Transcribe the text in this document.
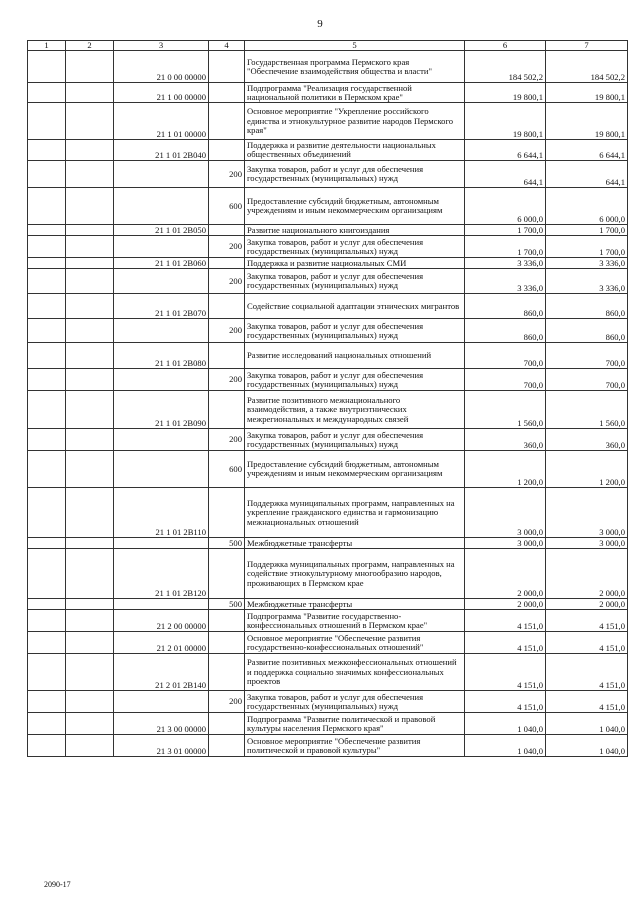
9
1	2	3	4	5	6	7
		21 0 00 00000		Государственная программа Пермского края "Обеспечение взаимодействия общества и власти"	184 502,2	184 502,2
		21 1 00 00000		Подпрограмма "Реализация государственной национальной политики в Пермском крае"	19 800,1	19 800,1
		21 1 01 00000		Основное мероприятие "Укрепление российского единства и этнокультурное развитие народов Пермского края"	19 800,1	19 800,1
		21 1 01 2В040		Поддержка и развитие деятельности национальных общественных объединений	6 644,1	6 644,1
			200	Закупка товаров, работ и услуг для обеспечения государственных (муниципальных) нужд	644,1	644,1
			600	Предоставление субсидий бюджетным, автономным учреждениям и иным некоммерческим организациям	6 000,0	6 000,0
		21 1 01 2В050		Развитие национального книгоиздания	1 700,0	1 700,0
			200	Закупка товаров, работ и услуг для обеспечения государственных (муниципальных) нужд	1 700,0	1 700,0
		21 1 01 2В060		Поддержка и развитие национальных СМИ	3 336,0	3 336,0
			200	Закупка товаров, работ и услуг для обеспечения государственных (муниципальных) нужд	3 336,0	3 336,0
		21 1 01 2В070		Содействие социальной адаптации этнических мигрантов	860,0	860,0
			200	Закупка товаров, работ и услуг для обеспечения государственных (муниципальных) нужд	860,0	860,0
		21 1 01 2В080		Развитие исследований национальных отношений	700,0	700,0
			200	Закупка товаров, работ и услуг для обеспечения государственных (муниципальных) нужд	700,0	700,0
		21 1 01 2В090		Развитие позитивного межнационального взаимодействия, а также внутриэтнических межрегиональных и международных связей	1 560,0	1 560,0
			200	Закупка товаров, работ и услуг для обеспечения государственных (муниципальных) нужд	360,0	360,0
			600	Предоставление субсидий бюджетным, автономным учреждениям и иным некоммерческим организациям	1 200,0	1 200,0
		21 1 01 2В110		Поддержка муниципальных программ, направленных на укрепление гражданского единства и гармонизацию межнациональных отношений	3 000,0	3 000,0
			500	Межбюджетные трансферты	3 000,0	3 000,0
		21 1 01 2В120		Поддержка муниципальных программ, направленных на содействие этнокультурному многообразию народов, проживающих в Пермском крае	2 000,0	2 000,0
			500	Межбюджетные трансферты	2 000,0	2 000,0
		21 2 00 00000		Подпрограмма "Развитие государственно-конфессиональных отношений в Пермском крае"	4 151,0	4 151,0
		21 2 01 00000		Основное мероприятие "Обеспечение развития государственно-конфессиональных отношений"	4 151,0	4 151,0
		21 2 01 2В140		Развитие позитивных межконфессиональных отношений и поддержка социально значимых конфессиональных проектов	4 151,0	4 151,0
			200	Закупка товаров, работ и услуг для обеспечения государственных (муниципальных) нужд	4 151,0	4 151,0
		21 3 00 00000		Подпрограмма "Развитие политической и правовой культуры населения Пермского края"	1 040,0	1 040,0
		21 3 01 00000		Основное мероприятие "Обеспечение развития политической и правовой культуры"	1 040,0	1 040,0
2090-17
